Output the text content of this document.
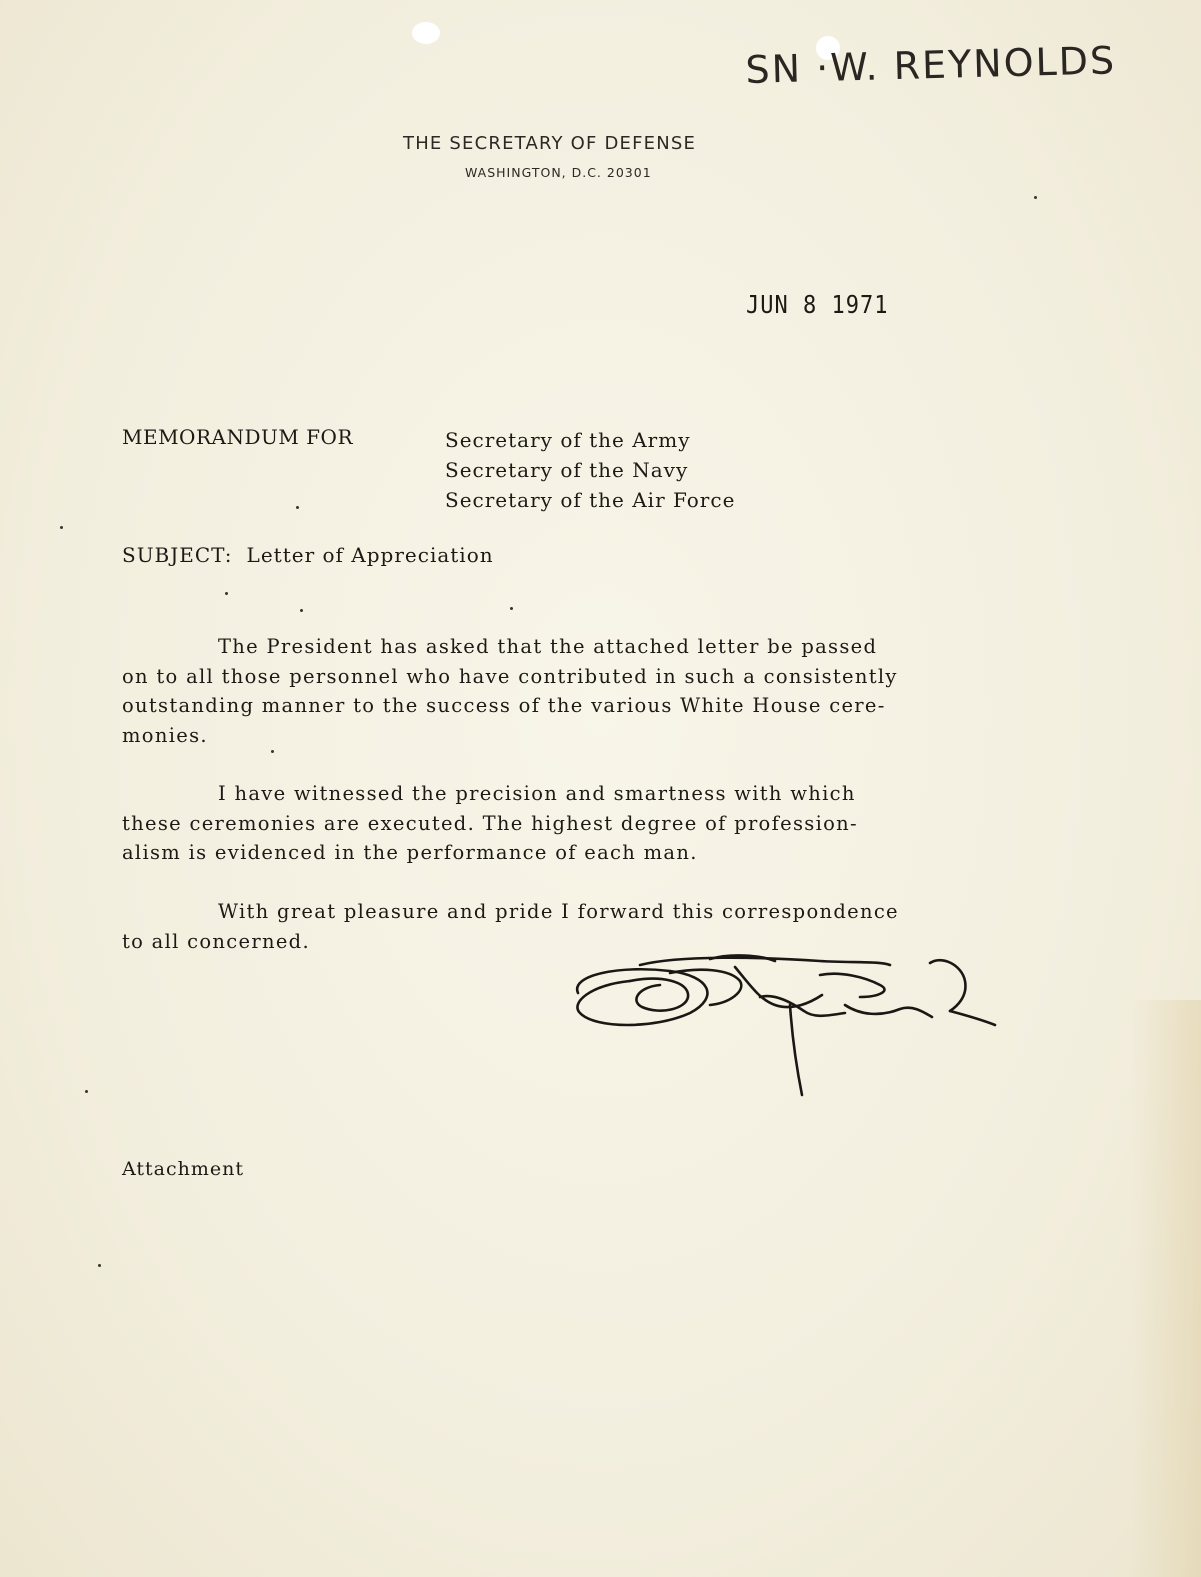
SN ·W. REYNOLDS
THE SECRETARY OF DEFENSE
WASHINGTON, D.C. 20301
JUN 8 1971
MEMORANDUM FOR	Secretary of the Army
Secretary of the Navy
Secretary of the Air Force
SUBJECT: Letter of Appreciation
The President has asked that the attached letter be passed
on to all those personnel who have contributed in such a consistently
outstanding manner to the success of the various White House cere-
monies.
I have witnessed the precision and smartness with which
these ceremonies are executed. The highest degree of profession-
alism is evidenced in the performance of each man.
With great pleasure and pride I forward this correspondence
to all concerned.
Attachment
